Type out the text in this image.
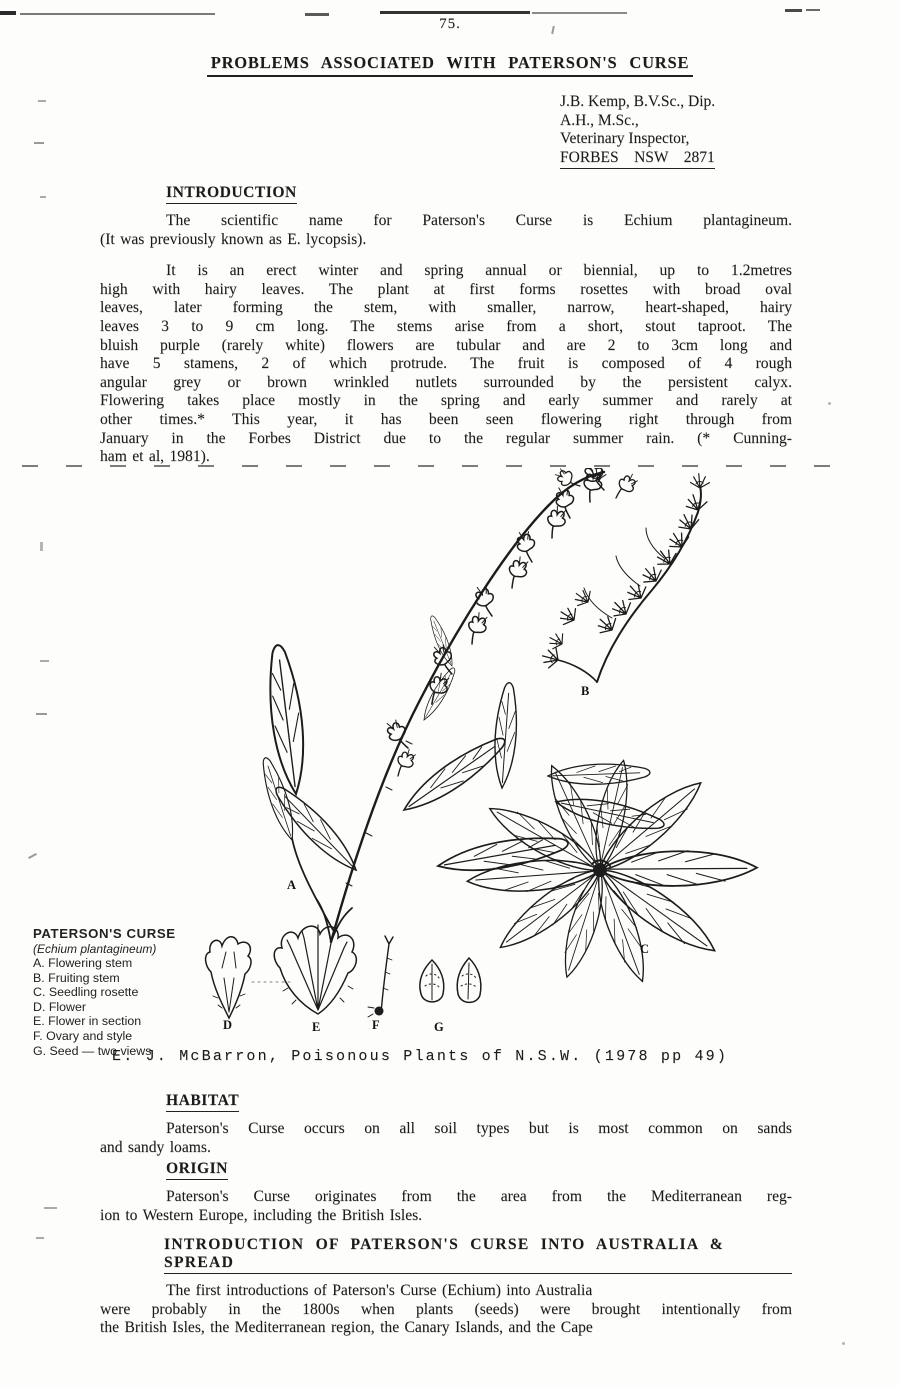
75.
PROBLEMS ASSOCIATED WITH PATERSON'S CURSE
J.B. Kemp, B.V.Sc., Dip.
A.H., M.Sc.,
Veterinary Inspector,
FORBES    NSW    2871
INTRODUCTION
The scientific name for Paterson's Curse is Echium plantagineum.
(It was previously known as E. lycopsis).
It is an erect winter and spring annual or biennial, up to 1.2metres
high with hairy leaves. The plant at first forms rosettes with broad oval
leaves, later forming the stem, with smaller, narrow, heart-shaped, hairy
leaves 3 to 9 cm long. The stems arise from a short, stout taproot. The
bluish purple (rarely white) flowers are tubular and are 2 to 3cm long and
have 5 stamens, 2 of which protrude. The fruit is composed of 4 rough
angular grey or brown wrinkled nutlets surrounded by the persistent calyx.
Flowering takes place mostly in the spring and early summer and rarely at
other times.* This year, it has been seen flowering right through from
January in the Forbes District due to the regular summer rain. (* Cunning-
ham et al, 1981).
A
B
C
D	E	F	G
PATERSON'S CURSE
(Echium plantagineum)
A. Flowering stem
B. Fruiting stem
C. Seedling rosette
D. Flower
E. Flower in section
F. Ovary and style
G. Seed — two views
E. J. McBarron, Poisonous Plants of N.S.W. (1978 pp 49)
HABITAT
Paterson's Curse occurs on all soil types but is most common on sands
and sandy loams.
ORIGIN
Paterson's Curse originates from the area from the Mediterranean reg-
ion to Western Europe, including the British Isles.
INTRODUCTION OF PATERSON'S CURSE INTO AUSTRALIA & SPREAD
The first introductions of Paterson's Curse (Echium) into Australia
were probably in the 1800s when plants (seeds) were brought intentionally from
the British Isles, the Mediterranean region, the Canary Islands, and the Cape
